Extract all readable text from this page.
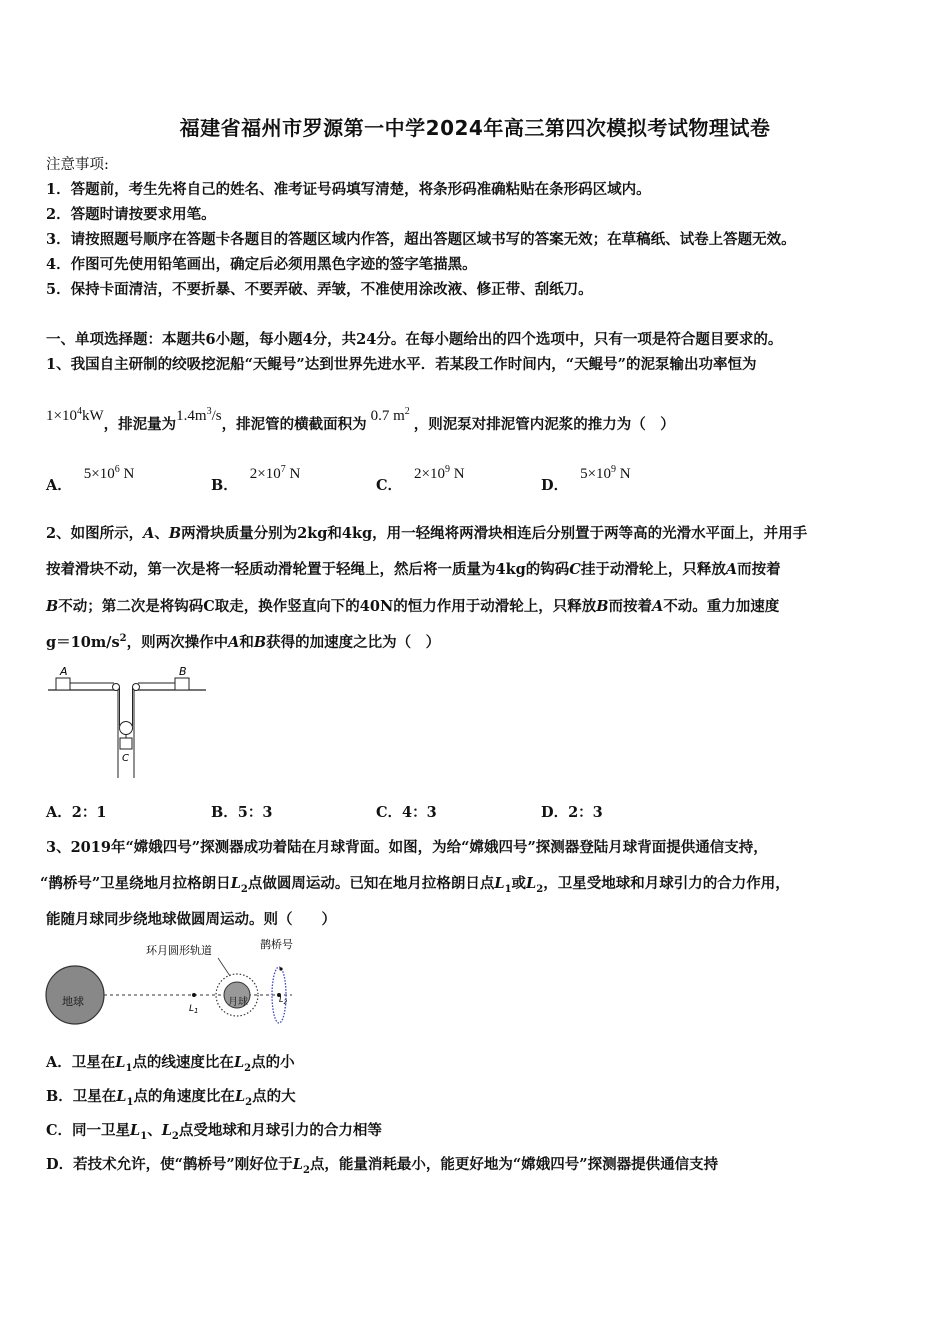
福建省福州市罗源第一中学2024年高三第四次模拟考试物理试卷
注意事项:
1．答题前，考生先将自己的姓名、准考证号码填写清楚，将条形码准确粘贴在条形码区域内。
2．答题时请按要求用笔。
3．请按照题号顺序在答题卡各题目的答题区域内作答，超出答题区域书写的答案无效；在草稿纸、试卷上答题无效。
4．作图可先使用铅笔画出，确定后必须用黑色字迹的签字笔描黑。
5．保持卡面清洁，不要折暴、不要弄破、弄皱，不准使用涂改液、修正带、刮纸刀。
一、单项选择题：本题共6小题，每小题4分，共24分。在每小题给出的四个选项中，只有一项是符合题目要求的。
1、我国自主研制的绞吸挖泥船“天鲲号”达到世界先进水平．若某段工作时间内，“天鲲号”的泥泵输出功率恒为
$1\times 10^4kW$，排泥量为$1.4m^3/s$，排泥管的横截面积为 0.7 $m^2$，则泥泵对排泥管内泥浆的推力为（　）
A．$5\times 10^6$ N
B．$2\times 10^7$ N
C．$2\times 10^9$ N
D．$5\times 10^9$ N
2、如图所示，A、B两滑块质量分别为2kg和4kg，用一轻绳将两滑块相连后分别置于两等高的光滑水平面上，并用手
按着滑块不动，第一次是将一轻质动滑轮置于轻绳上，然后将一质量为4kg的钩码C挂于动滑轮上，只释放A而按着
B不动；第二次是将钩码C取走，换作竖直向下的40N的恒力作用于动滑轮上，只释放B而按着A不动。重力加速度
$g=10m/s^2$，则两次操作中A和B获得的加速度之比为（　）
A	B
C
A．2：1	B．5：3	C．4：3	D．2：3
3、2019年“嫦娥四号”探测器成功着陆在月球背面。如图，为给“嫦娥四号”探测器登陆月球背面提供通信支持，
“鹊桥号”卫星绕地月拉格朗日$L_2$点做圆周运动。已知在地月拉格朗日点$L_1$或$L_2$，卫星受地球和月球引力的合力作用，
能随月球同步绕地球做圆周运动。则（　　）
地球
$L_1$
月球
环月圆形轨道
$L_2$
鹊桥号
A．卫星在$L_1$点的线速度比在$L_2$点的小
B．卫星在$L_1$点的角速度比在$L_2$点的大
C．同一卫星$L_1$、$L_2$点受地球和月球引力的合力相等
D．若技术允许，使“鹊桥号”刚好位于$L_2$点，能量消耗最小，能更好地为“嫦娥四号”探测器提供通信支持
